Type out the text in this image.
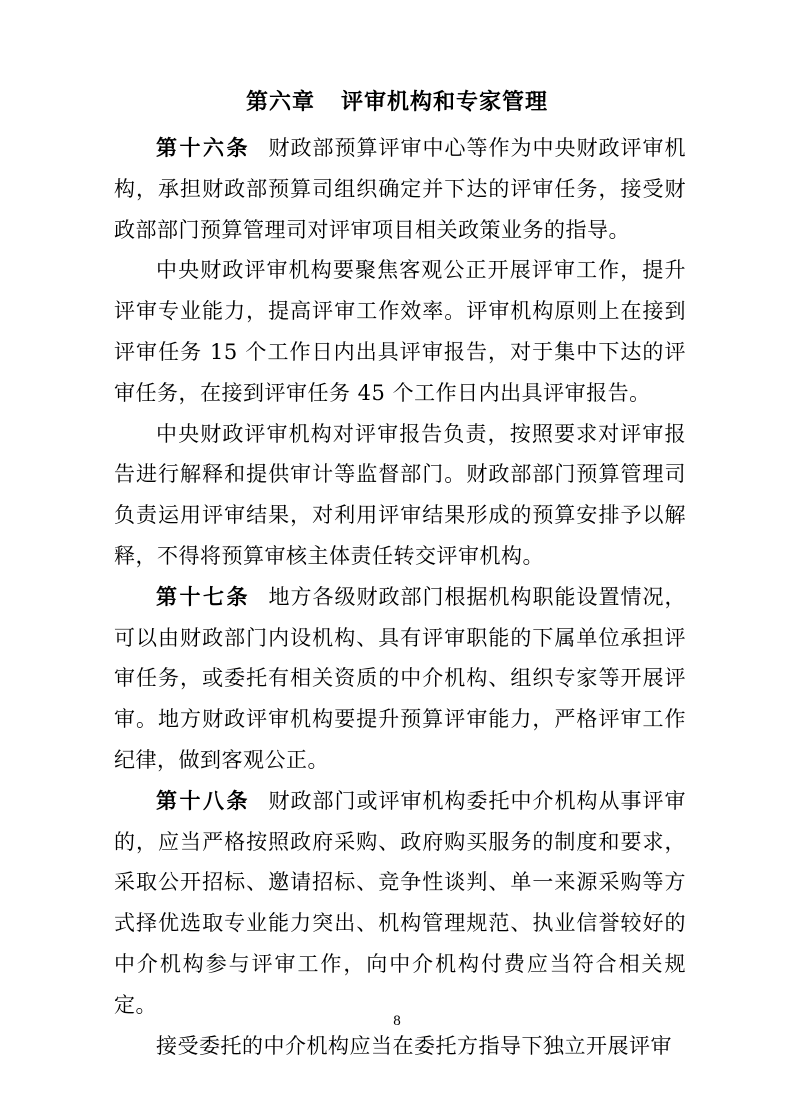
第六章 评审机构和专家管理

第十六条 财政部预算评审中心等作为中央财政评审机构，承担财政部预算司组织确定并下达的评审任务，接受财政部部门预算管理司对评审项目相关政策业务的指导。

中央财政评审机构要聚焦客观公正开展评审工作，提升评审专业能力，提高评审工作效率。评审机构原则上在接到评审任务 15 个工作日内出具评审报告，对于集中下达的评审任务，在接到评审任务 45 个工作日内出具评审报告。

中央财政评审机构对评审报告负责，按照要求对评审报告进行解释和提供审计等监督部门。财政部部门预算管理司负责运用评审结果，对利用评审结果形成的预算安排予以解释，不得将预算审核主体责任转交评审机构。

第十七条 地方各级财政部门根据机构职能设置情况，可以由财政部门内设机构、具有评审职能的下属单位承担评审任务，或委托有相关资质的中介机构、组织专家等开展评审。地方财政评审机构要提升预算评审能力，严格评审工作纪律，做到客观公正。

第十八条 财政部门或评审机构委托中介机构从事评审的，应当严格按照政府采购、政府购买服务的制度和要求，采取公开招标、邀请招标、竞争性谈判、单一来源采购等方式择优选取专业能力突出、机构管理规范、执业信誉较好的中介机构参与评审工作，向中介机构付费应当符合相关规定。

接受委托的中介机构应当在委托方指导下独立开展评审

8
